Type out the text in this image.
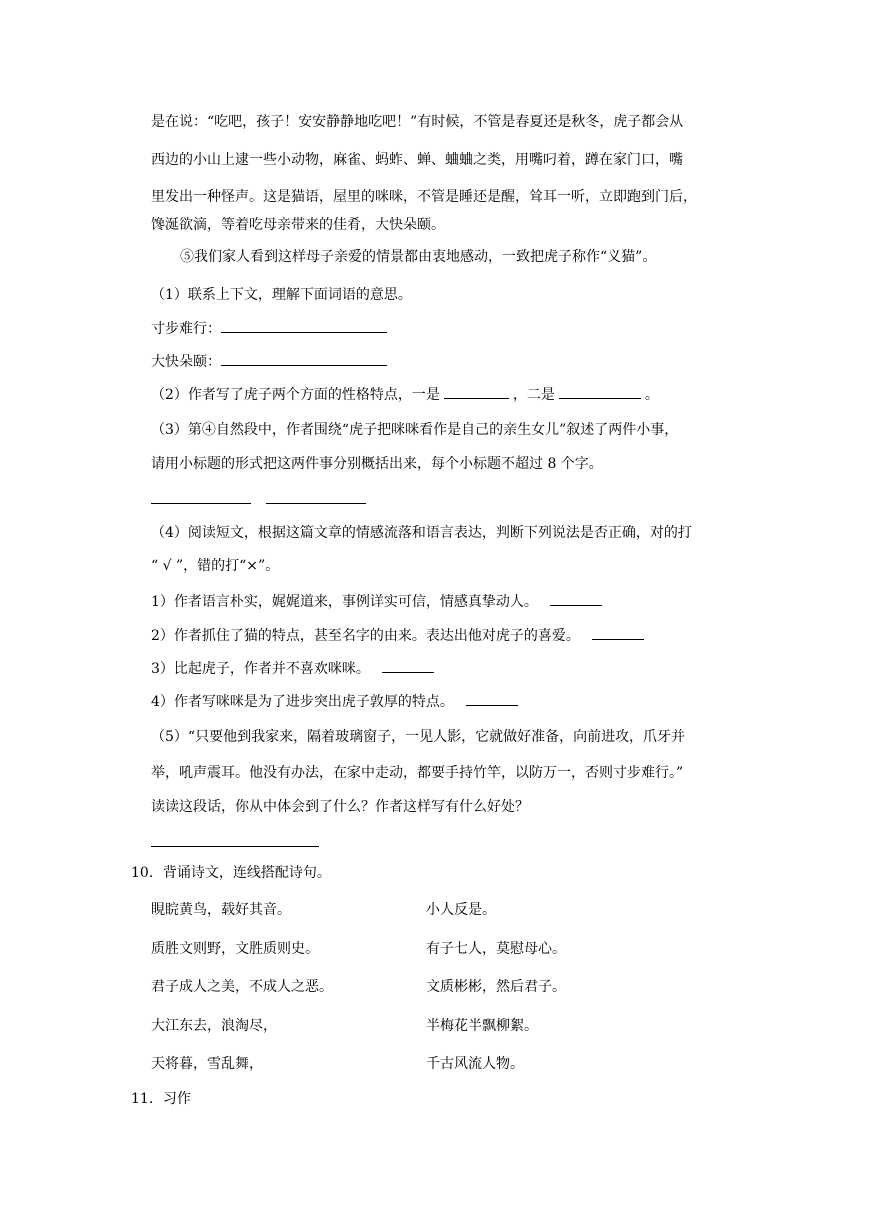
是在说：“吃吧，孩子！安安静静地吃吧！”有时候，不管是春夏还是秋冬，虎子都会从
西边的小山上逮一些小动物，麻雀、蚂蚱、蝉、蛐蛐之类，用嘴叼着，蹲在家门口，嘴
里发出一种怪声。这是猫语，屋里的咪咪，不管是睡还是醒，耸耳一听，立即跑到门后，
馋涎欲滴，等着吃母亲带来的佳肴，大快朵颐。
⑤我们家人看到这样母子亲爱的情景都由衷地感动，一致把虎子称作“义猫”。
（1）联系上下文，理解下面词语的意思。
寸步难行：
大快朵颐：
（2）作者写了虎子两个方面的性格特点，一是	，二是	。
（3）第④自然段中，作者围绕“虎子把咪咪看作是自己的亲生女儿”叙述了两件小事，
请用小标题的形式把这两件事分别概括出来，每个小标题不超过 8 个字。
（4）阅读短文，根据这篇文章的情感流落和语言表达，判断下列说法是否正确，对的打
“ √ ”，错的打“×”。
1）作者语言朴实，娓娓道来，事例详实可信，情感真挚动人。
2）作者抓住了猫的特点，甚至名字的由来。表达出他对虎子的喜爱。
3）比起虎子，作者并不喜欢咪咪。
4）作者写咪咪是为了进步突出虎子敦厚的特点。
（5）“只要他到我家来，隔着玻璃窗子，一见人影，它就做好准备，向前进攻，爪牙并
举，吼声震耳。他没有办法，在家中走动，都要手持竹竿，以防万一，否则寸步难行。”
读读这段话，你从中体会到了什么？作者这样写有什么好处？
10．背诵诗文，连线搭配诗句。
睍睆黄鸟，载好其音。	小人反是。
质胜文则野，文胜质则史。	有子七人，莫慰母心。
君子成人之美，不成人之恶。	文质彬彬，然后君子。
大江东去，浪淘尽，	半梅花半飘柳絮。
天将暮，雪乱舞，	千古风流人物。
11．习作
